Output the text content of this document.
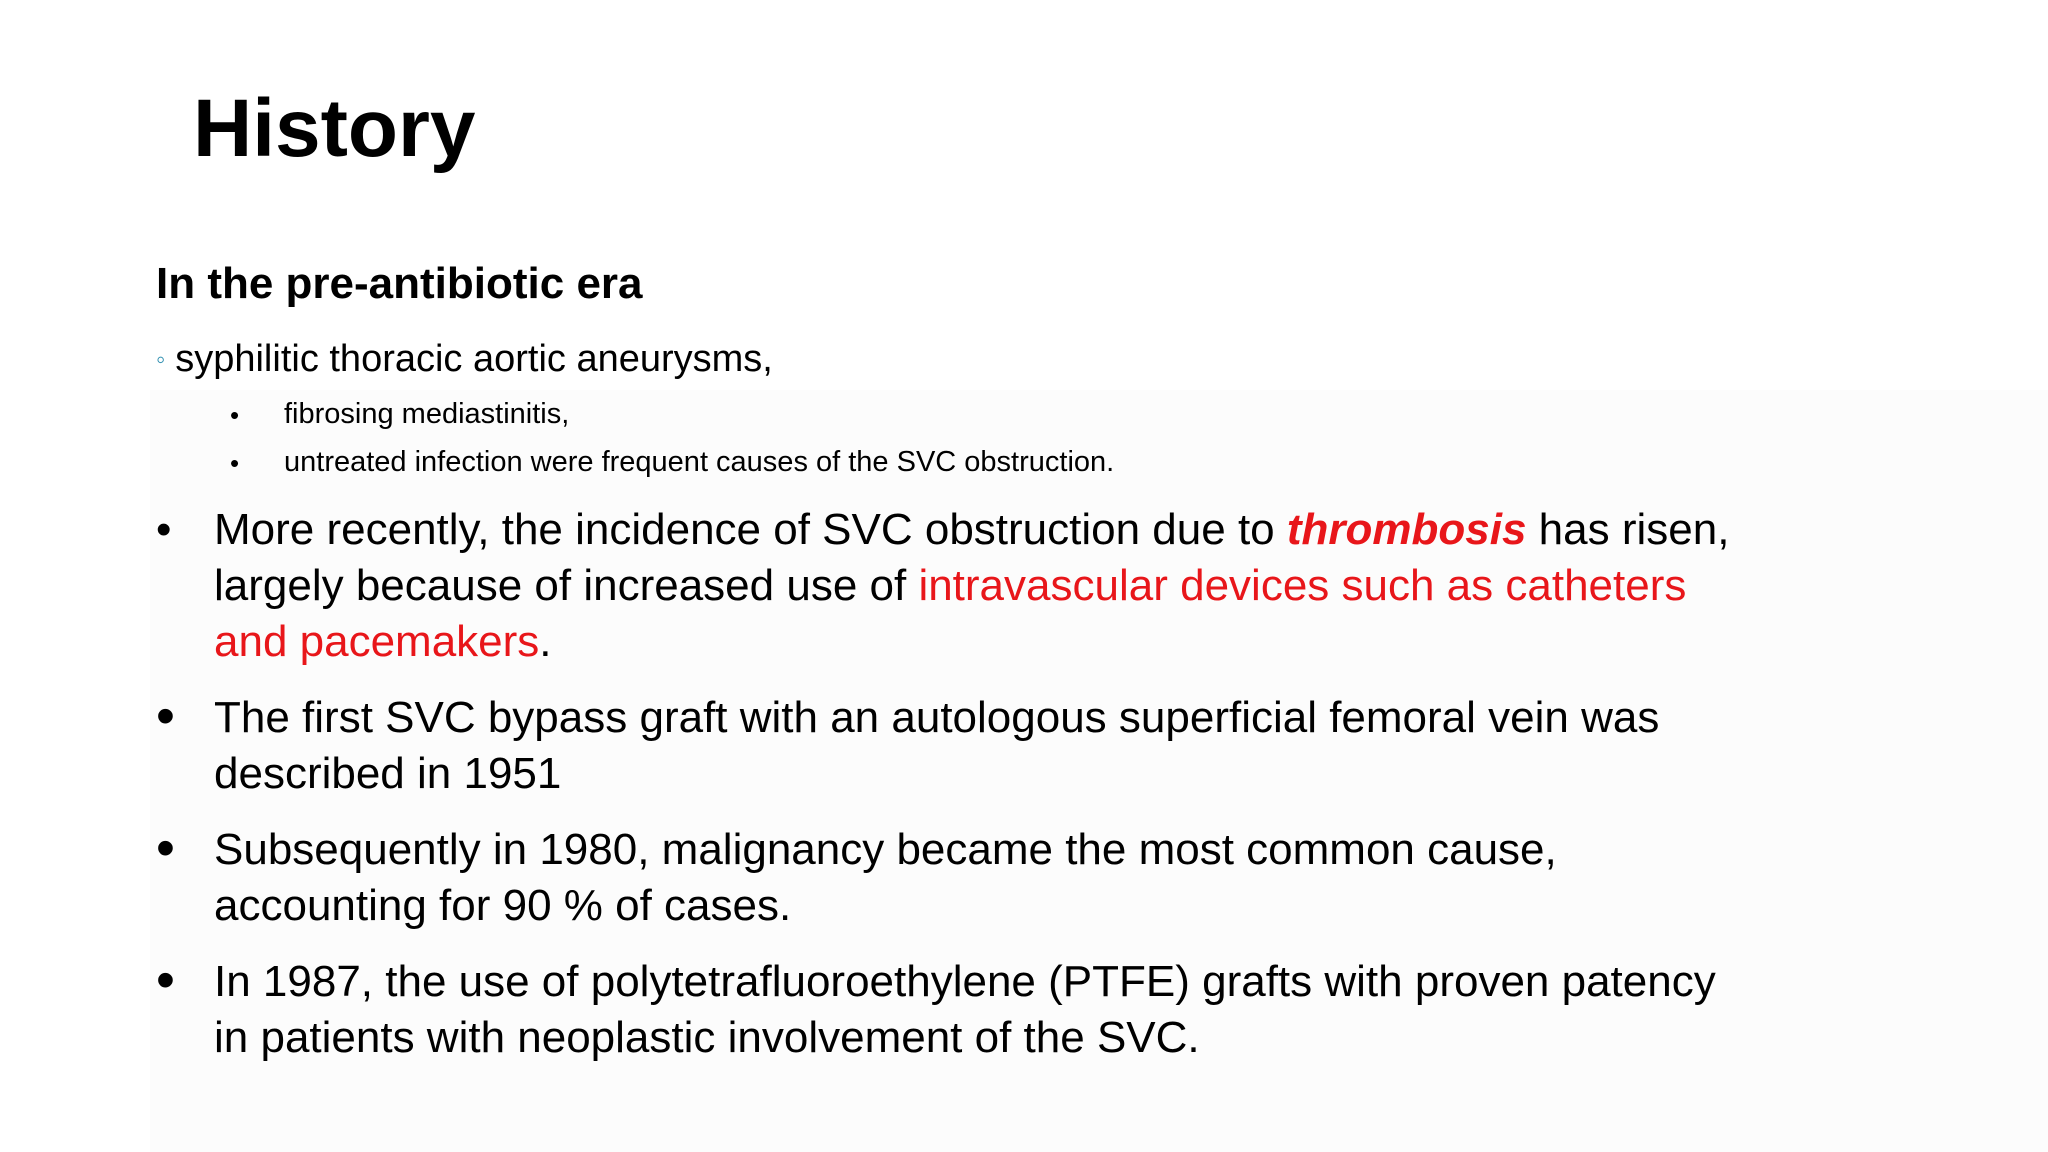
History
In the pre-antibiotic era
◦ syphilitic thoracic aortic aneurysms,
•	fibrosing mediastinitis,
•	untreated infection were frequent causes of the SVC obstruction.
• More recently, the incidence of SVC obstruction due to thrombosis has risen, largely because of increased use of intravascular devices such as catheters and pacemakers.
• The first SVC bypass graft with an autologous superficial femoral vein was described in 1951
• Subsequently in 1980, malignancy became the most common cause, accounting for 90 % of cases.
• In 1987, the use of polytetrafluoroethylene (PTFE) grafts with proven patency in patients with neoplastic involvement of the SVC.
